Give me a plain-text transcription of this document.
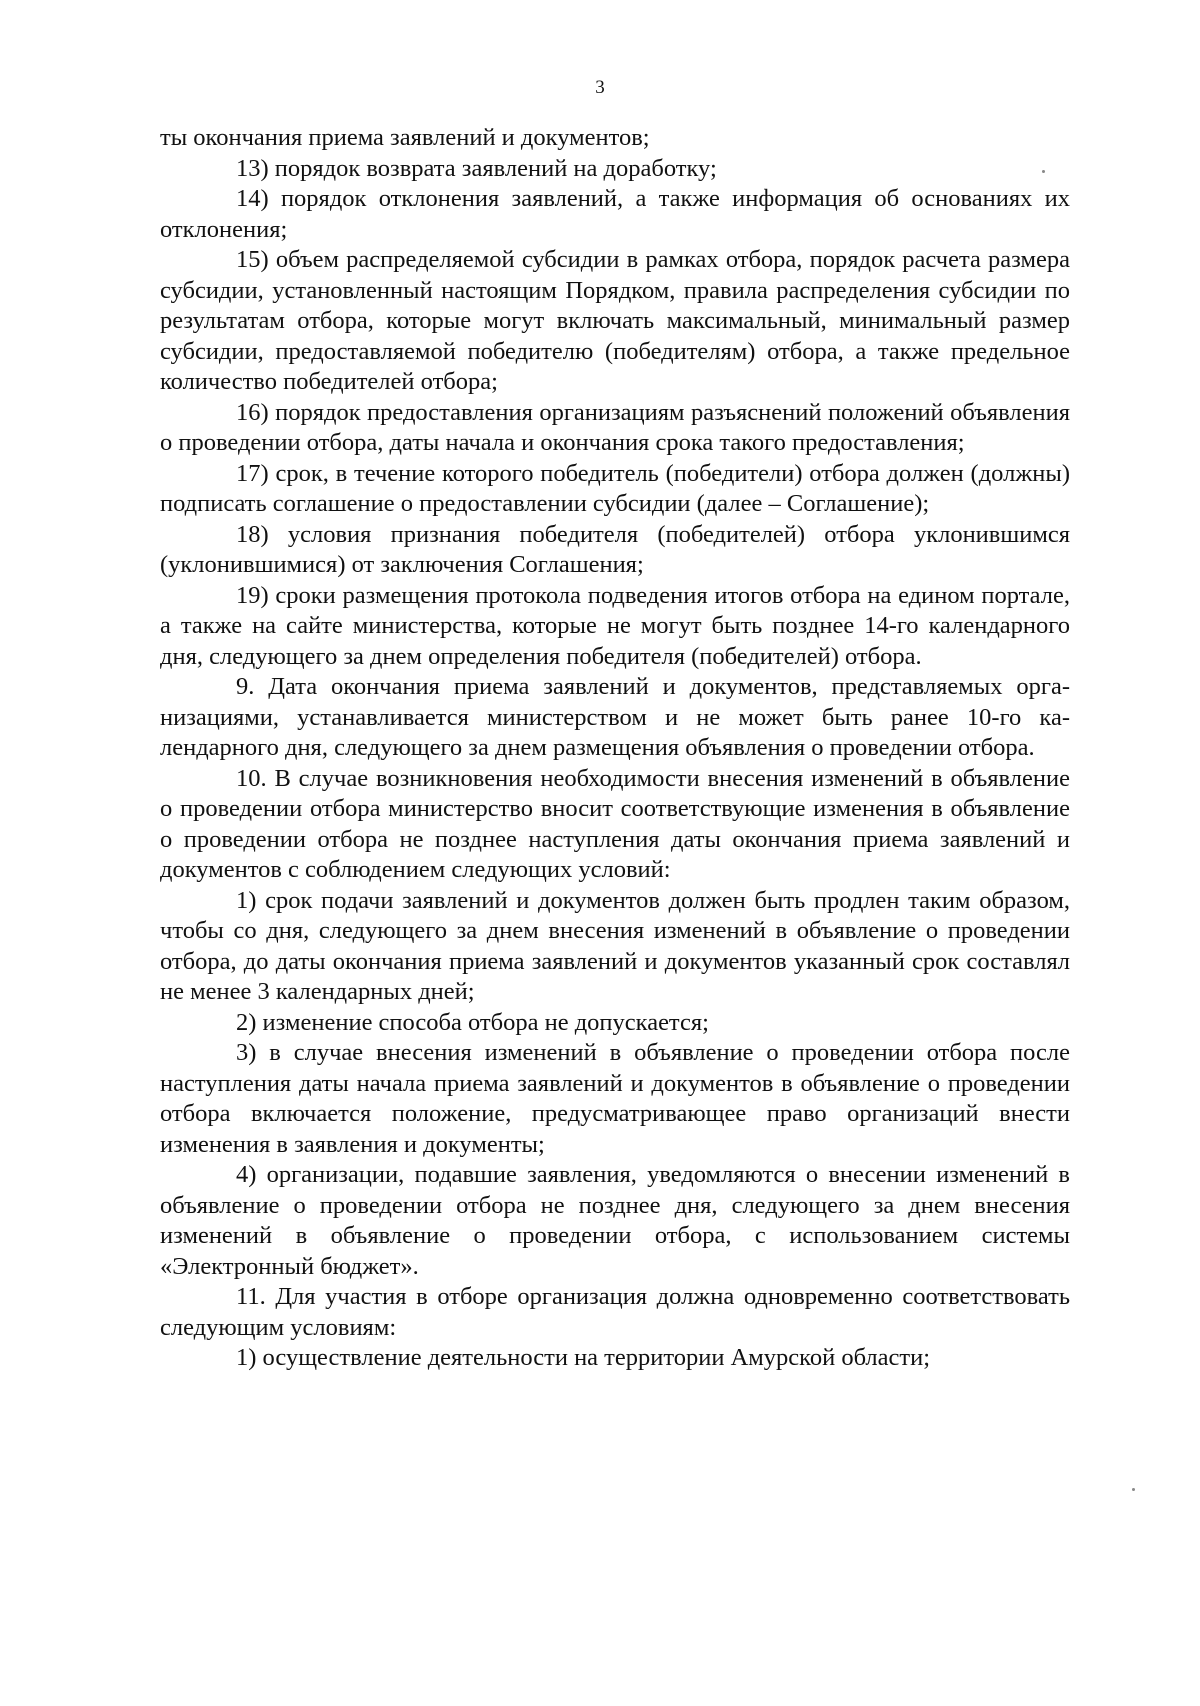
3

ты окончания приема заявлений и документов;

13) порядок возврата заявлений на доработку;

14) порядок отклонения заявлений, а также информация об основаниях их отклонения;

15) объем распределяемой субсидии в рамках отбора, порядок расчета размера субсидии, установленный настоящим Порядком, правила распределения субсидии по результатам отбора, которые могут включать максимальный, минимальный размер субсидии, предоставляемой победителю (победителям) отбора, а также предельное количество победителей отбора;

16) порядок предоставления организациям разъяснений положений объявления о проведении отбора, даты начала и окончания срока такого предоставления;

17) срок, в течение которого победитель (победители) отбора должен (должны) подписать соглашение о предоставлении субсидии (далее – Соглашение);

18) условия признания победителя (победителей) отбора уклонившимся (уклонившимися) от заключения Соглашения;

19) сроки размещения протокола подведения итогов отбора на едином портале, а также на сайте министерства, которые не могут быть позднее 14-го календарного дня, следующего за днем определения победителя (победителей) отбора.

9. Дата окончания приема заявлений и документов, представляемых организациями, устанавливается министерством и не может быть ранее 10-го календарного дня, следующего за днем размещения объявления о проведении отбора.

10. В случае возникновения необходимости внесения изменений в объявление о проведении отбора министерство вносит соответствующие изменения в объявление о проведении отбора не позднее наступления даты окончания приема заявлений и документов с соблюдением следующих условий:

1) срок подачи заявлений и документов должен быть продлен таким образом, чтобы со дня, следующего за днем внесения изменений в объявление о проведении отбора, до даты окончания приема заявлений и документов указанный срок составлял не менее 3 календарных дней;

2) изменение способа отбора не допускается;

3) в случае внесения изменений в объявление о проведении отбора после наступления даты начала приема заявлений и документов в объявление о проведении отбора включается положение, предусматривающее право организаций внести изменения в заявления и документы;

4) организации, подавшие заявления, уведомляются о внесении изменений в объявление о проведении отбора не позднее дня, следующего за днем внесения изменений в объявление о проведении отбора, с использованием системы «Электронный бюджет».

11. Для участия в отборе организация должна одновременно соответствовать следующим условиям:

1) осуществление деятельности на территории Амурской области;
